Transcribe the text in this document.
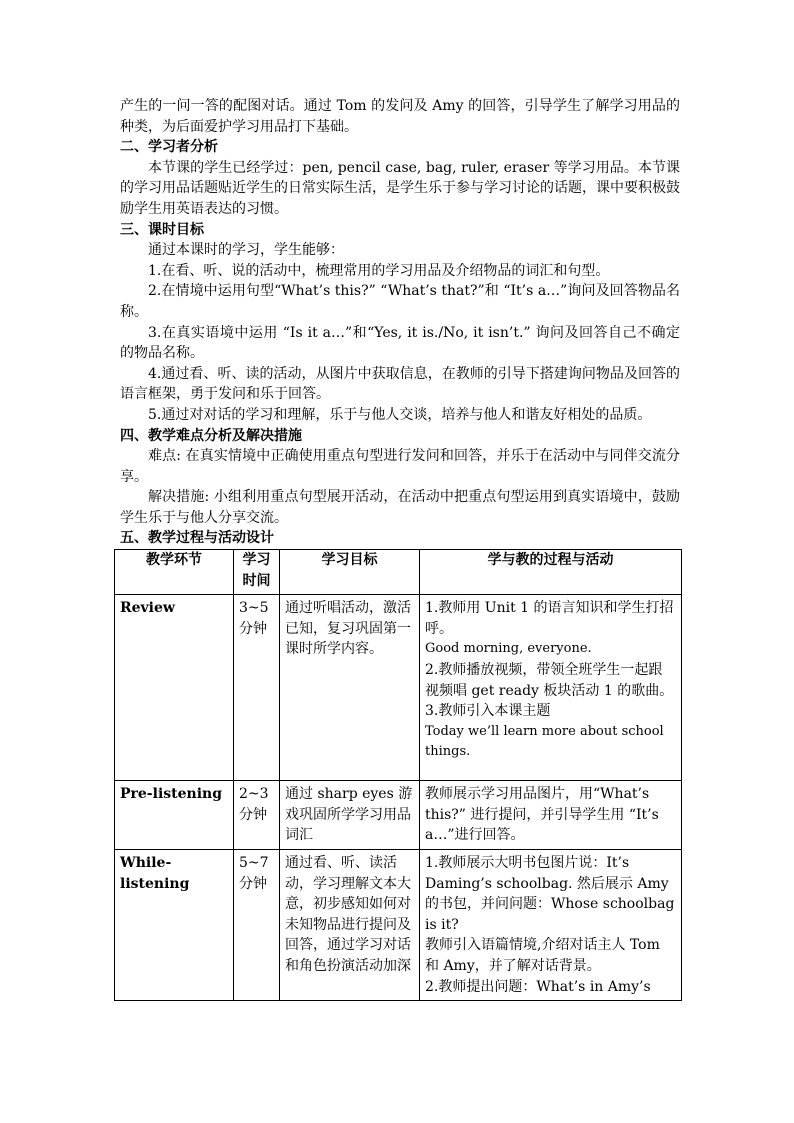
产生的一问一答的配图对话。通过 Tom 的发问及 Amy 的回答，引导学生了解学习用品的种类，为后面爱护学习用品打下基础。

二、学习者分析

本节课的学生已经学过：pen, pencil case, bag, ruler, eraser 等学习用品。本节课的学习用品话题贴近学生的日常实际生活，是学生乐于参与学习讨论的话题，课中要积极鼓励学生用英语表达的习惯。

三、课时目标

通过本课时的学习，学生能够：

1.在看、听、说的活动中，梳理常用的学习用品及介绍物品的词汇和句型。

2.在情境中运用句型“What’s this?” “What’s that?”和 “It’s a…”询问及回答物品名称。

3.在真实语境中运用 “Is it a…”和“Yes, it is./No, it isn’t.” 询问及回答自己不确定的物品名称。

4.通过看、听、读的活动，从图片中获取信息，在教师的引导下搭建询问物品及回答的语言框架，勇于发问和乐于回答。

5.通过对对话的学习和理解，乐于与他人交谈，培养与他人和谐友好相处的品质。

四、教学难点分析及解决措施

难点: 在真实情境中正确使用重点句型进行发问和回答，并乐于在活动中与同伴交流分享。

解决措施: 小组利用重点句型展开活动，在活动中把重点句型运用到真实语境中，鼓励学生乐于与他人分享交流。

五、教学过程与活动设计
教学环节	学习时间	学习目标	学与教的过程与活动
Review	3~5分钟	通过听唱活动，激活已知，复习巩固第一课时所学内容。	1.教师用 Unit 1 的语言知识和学生打招呼。
Good morning, everyone.
2.教师播放视频，带领全班学生一起跟视频唱 get ready 板块活动 1 的歌曲。
3.教师引入本课主题
Today we’ll learn more about school things.

Pre-listening	2~3分钟	通过 sharp eyes 游戏巩固所学学习用品词汇	教师展示学习用品图片，用“What’s this?” 进行提问，并引导学生用 “It’s a…”进行回答。

While-listening	5~7分钟	通过看、听、读活动，学习理解文本大意，初步感知如何对未知物品进行提问及回答，通过学习对话和角色扮演活动加深	1.教师展示大明书包图片说：It’s Daming’s schoolbag. 然后展示 Amy 的书包，并问问题：Whose schoolbag is it?
教师引入语篇情境,介绍对话主人 Tom 和 Amy，并了解对话背景。
2.教师提出问题：What’s in Amy’s
